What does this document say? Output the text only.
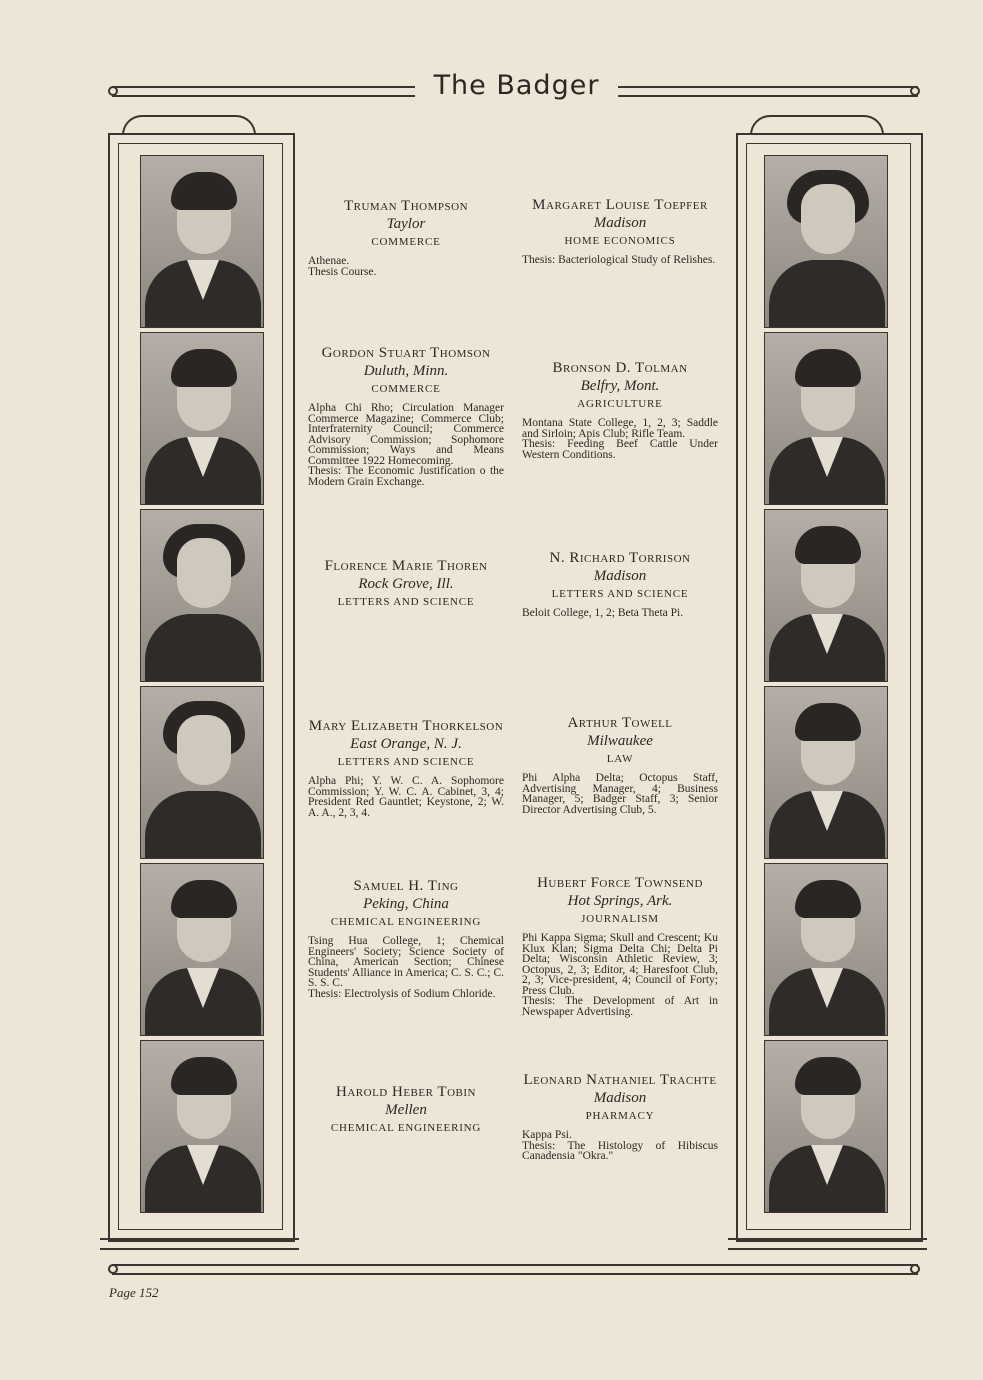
The Badger
Truman Thompson
Taylor
COMMERCE
Athenae.
Thesis Course.
Gordon Stuart Thomson
Duluth, Minn.
COMMERCE
Alpha Chi Rho; Circulation Manager Commerce Magazine; Commerce Club; Interfraternity Council; Commerce Advisory Commission; Sophomore Commission; Ways and Means Committee 1922 Homecoming.
Thesis: The Economic Justification o the Modern Grain Exchange.
Florence Marie Thoren
Rock Grove, Ill.
LETTERS AND SCIENCE
Mary Elizabeth Thorkelson
East Orange, N. J.
LETTERS AND SCIENCE
Alpha Phi; Y. W. C. A. Sophomore Commission; Y. W. C. A. Cabinet, 3, 4; President Red Gauntlet; Keystone, 2; W. A. A., 2, 3, 4.
Samuel H. Ting
Peking, China
CHEMICAL ENGINEERING
Tsing Hua College, 1; Chemical Engineers' Society; Science Society of China, American Section; Chinese Students' Alliance in America; C. S. C.; C. S. S. C.
Thesis: Electrolysis of Sodium Chloride.
Harold Heber Tobin
Mellen
CHEMICAL ENGINEERING
Margaret Louise Toepfer
Madison
HOME ECONOMICS
Thesis: Bacteriological Study of Relishes.
Bronson D. Tolman
Belfry, Mont.
AGRICULTURE
Montana State College, 1, 2, 3; Saddle and Sirloin; Apis Club; Rifle Team.
Thesis: Feeding Beef Cattle Under Western Conditions.
N. Richard Torrison
Madison
LETTERS AND SCIENCE
Beloit College, 1, 2; Beta Theta Pi.
Arthur Towell
Milwaukee
LAW
Phi Alpha Delta; Octopus Staff, Advertising Manager, 4; Business Manager, 5; Badger Staff, 3; Senior Director Advertising Club, 5.
Hubert Force Townsend
Hot Springs, Ark.
JOURNALISM
Phi Kappa Sigma; Skull and Crescent; Ku Klux Klan; Sigma Delta Chi; Delta Pi Delta; Wisconsin Athletic Review, 3; Octopus, 2, 3; Editor, 4; Haresfoot Club, 2, 3; Vice-president, 4; Council of Forty; Press Club.
Thesis: The Development of Art in Newspaper Advertising.
Leonard Nathaniel Trachte
Madison
PHARMACY
Kappa Psi.
Thesis: The Histology of Hibiscus Canadensia "Okra."
Page 152
